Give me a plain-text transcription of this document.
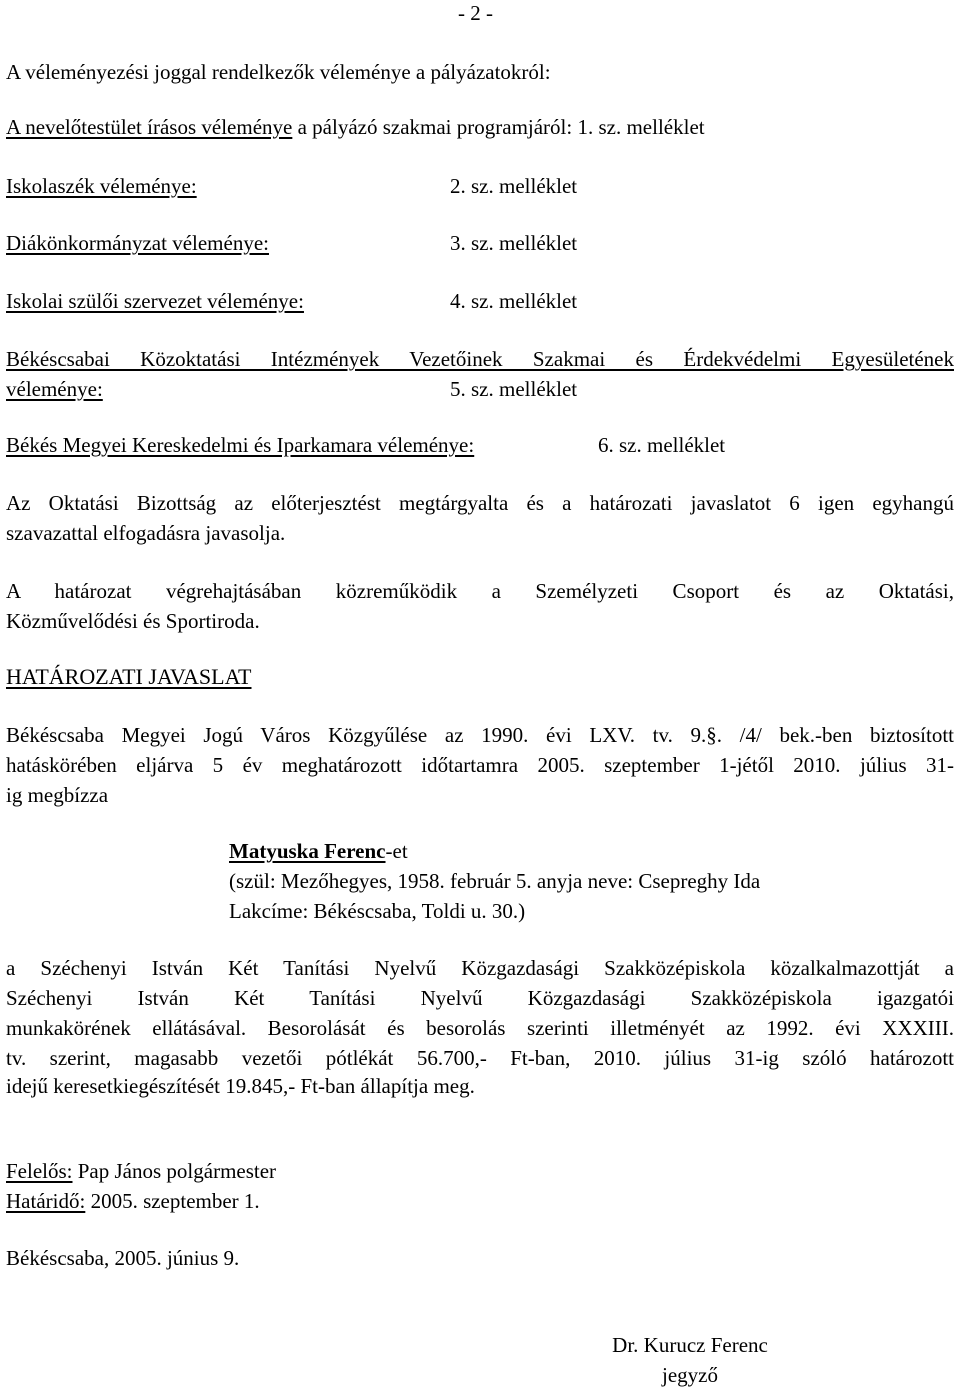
- 2 -
A véleményezési joggal rendelkezők véleménye a pályázatokról:
A nevelőtestület írásos véleménye a pályázó szakmai programjáról: 1. sz. melléklet
Iskolaszék véleménye:	2. sz. melléklet
Diákönkormányzat véleménye:	3. sz. melléklet
Iskolai szülői szervezet véleménye:	4. sz. melléklet
Békéscsabai Közoktatási Intézmények Vezetőinek Szakmai és Érdekvédelmi Egyesületének
véleménye:	5. sz. melléklet
Békés Megyei Kereskedelmi és Iparkamara véleménye:	6. sz. melléklet
Az Oktatási Bizottság az előterjesztést megtárgyalta és a határozati javaslatot 6 igen egyhangú
szavazattal elfogadásra javasolja.
A határozat végrehajtásában közreműködik a Személyzeti Csoport és az Oktatási,
Közművelődési és Sportiroda.
HATÁROZATI JAVASLAT
Békéscsaba Megyei Jogú Város Közgyűlése az 1990. évi LXV. tv. 9.§. /4/ bek.-ben biztosított
hatáskörében eljárva 5 év meghatározott időtartamra 2005. szeptember 1-jétől 2010. július 31-
ig megbízza
Matyuska Ferenc-et
(szül: Mezőhegyes, 1958. február 5. anyja neve: Csepreghy Ida
Lakcíme: Békéscsaba, Toldi u. 30.)
a Széchenyi István Két Tanítási Nyelvű Közgazdasági Szakközépiskola közalkalmazottját a
Széchenyi István Két Tanítási Nyelvű Közgazdasági Szakközépiskola igazgatói
munkakörének ellátásával. Besorolását és besorolás szerinti illetményét az 1992. évi XXXIII.
tv. szerint, magasabb vezetői pótlékát 56.700,- Ft-ban, 2010. július 31-ig szóló határozott
idejű keresetkiegészítését 19.845,- Ft-ban állapítja meg.
Felelős: Pap János polgármester
Határidő: 2005. szeptember 1.
Békéscsaba, 2005. június 9.
Dr. Kurucz Ferenc
jegyző
